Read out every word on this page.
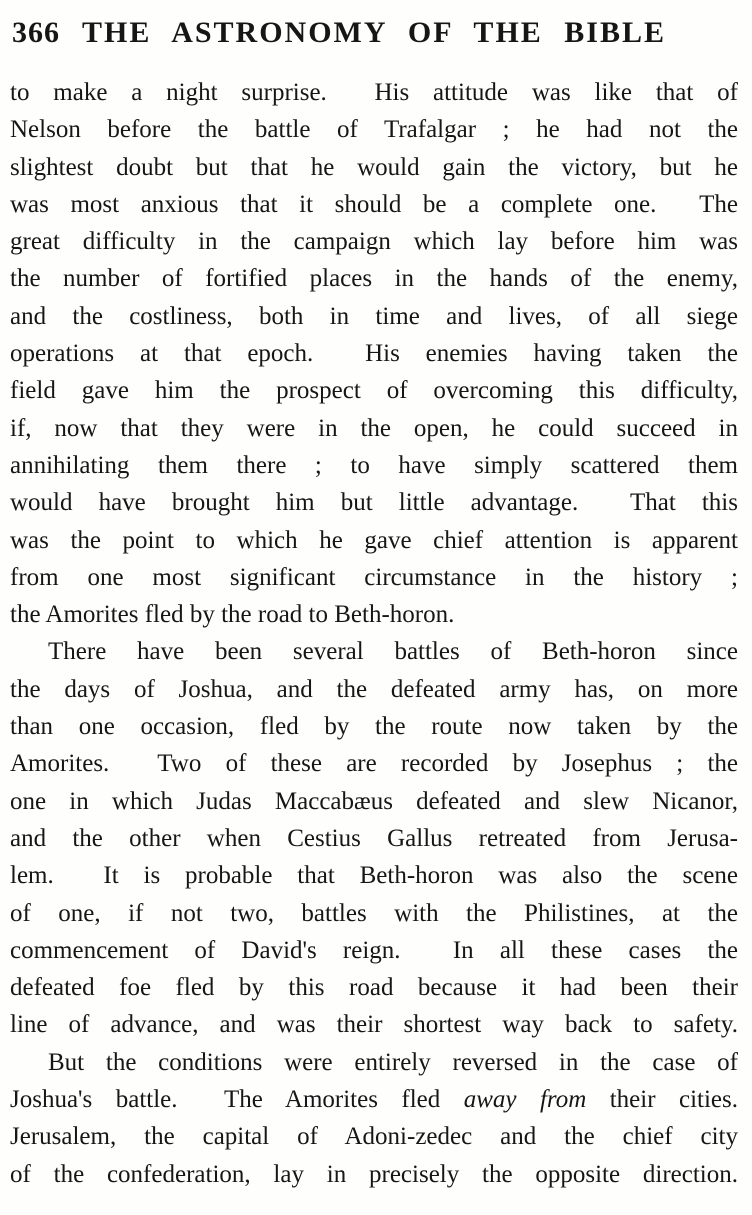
366 THE ASTRONOMY OF THE BIBLE
to make a night surprise.  His attitude was like that of
Nelson before the battle of Trafalgar ; he had not the
slightest doubt but that he would gain the victory, but he
was most anxious that it should be a complete one.  The
great difficulty in the campaign which lay before him was
the number of fortified places in the hands of the enemy,
and the costliness, both in time and lives, of all siege
operations at that epoch.  His enemies having taken the
field gave him the prospect of overcoming this difficulty,
if, now that they were in the open, he could succeed in
annihilating them there ; to have simply scattered them
would have brought him but little advantage.  That this
was the point to which he gave chief attention is apparent
from one most significant circumstance in the history ;
the Amorites fled by the road to Beth-horon.
There have been several battles of Beth-horon since
the days of Joshua, and the defeated army has, on more
than one occasion, fled by the route now taken by the
Amorites.  Two of these are recorded by Josephus ; the
one in which Judas Maccabæus defeated and slew Nicanor,
and the other when Cestius Gallus retreated from Jerusa-
lem.  It is probable that Beth-horon was also the scene
of one, if not two, battles with the Philistines, at the
commencement of David's reign.  In all these cases the
defeated foe fled by this road because it had been their
line of advance, and was their shortest way back to safety.
But the conditions were entirely reversed in the case of
Joshua's battle.  The Amorites fled away from their cities.
Jerusalem, the capital of Adoni-zedec and the chief city
of the confederation, lay in precisely the opposite direction.
